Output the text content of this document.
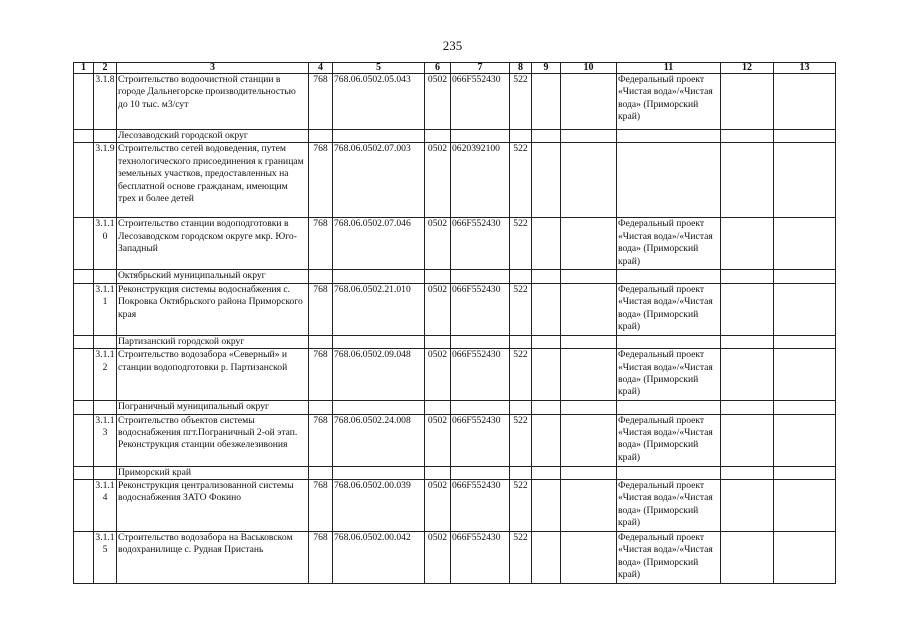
235
1	2	3	4	5	6	7	8	9	10	11	12	13
	3.1.8	Строительство водоочистной станции в городе Дальнегорске производительностью до 10 тыс. м3/сут	768	768.06.0502.05.043	0502	066F552430	522			Федеральный проект «Чистая вода»/«Чистая вода» (Приморский край)		
		Лесозаводский городской округ										
	3.1.9	Строительство сетей водоведения, путем технологического присоединения к границам земельных участков, предоставленных на бесплатной основе гражданам, имеющим трех и более детей	768	768.06.0502.07.003	0502	0620392100	522					
	3.1.10	Строительство станции водоподготовки в Лесозаводском городском округе мкр. Юго-Западный	768	768.06.0502.07.046	0502	066F552430	522			Федеральный проект «Чистая вода»/«Чистая вода» (Приморский край)		
		Октябрьский муниципальный округ										
	3.1.11	Реконструкция системы водоснабжения с. Покровка Октябрьского района Приморского края	768	768.06.0502.21.010	0502	066F552430	522			Федеральный проект «Чистая вода»/«Чистая вода» (Приморский край)		
		Партизанский городской округ										
	3.1.12	Строительство водозабора «Северный» и станции водоподготовки р. Партизанской	768	768.06.0502.09.048	0502	066F552430	522			Федеральный проект «Чистая вода»/«Чистая вода» (Приморский край)		
		Пограничный муниципальный округ										
	3.1.13	Строительство объектов системы водоснабжения пгт.Пограничный 2-ой этап. Реконструкция станции обезжелезивония	768	768.06.0502.24.008	0502	066F552430	522			Федеральный проект «Чистая вода»/«Чистая вода» (Приморский край)		
		Приморский край										
	3.1.14	Реконструкция централизованной системы водоснабжения ЗАТО Фокино	768	768.06.0502.00.039	0502	066F552430	522			Федеральный проект «Чистая вода»/«Чистая вода» (Приморский край)		
	3.1.15	Строительство водозабора на Васьковском водохранилище с. Рудная Пристань	768	768.06.0502.00.042	0502	066F552430	522			Федеральный проект «Чистая вода»/«Чистая вода» (Приморский край)		
